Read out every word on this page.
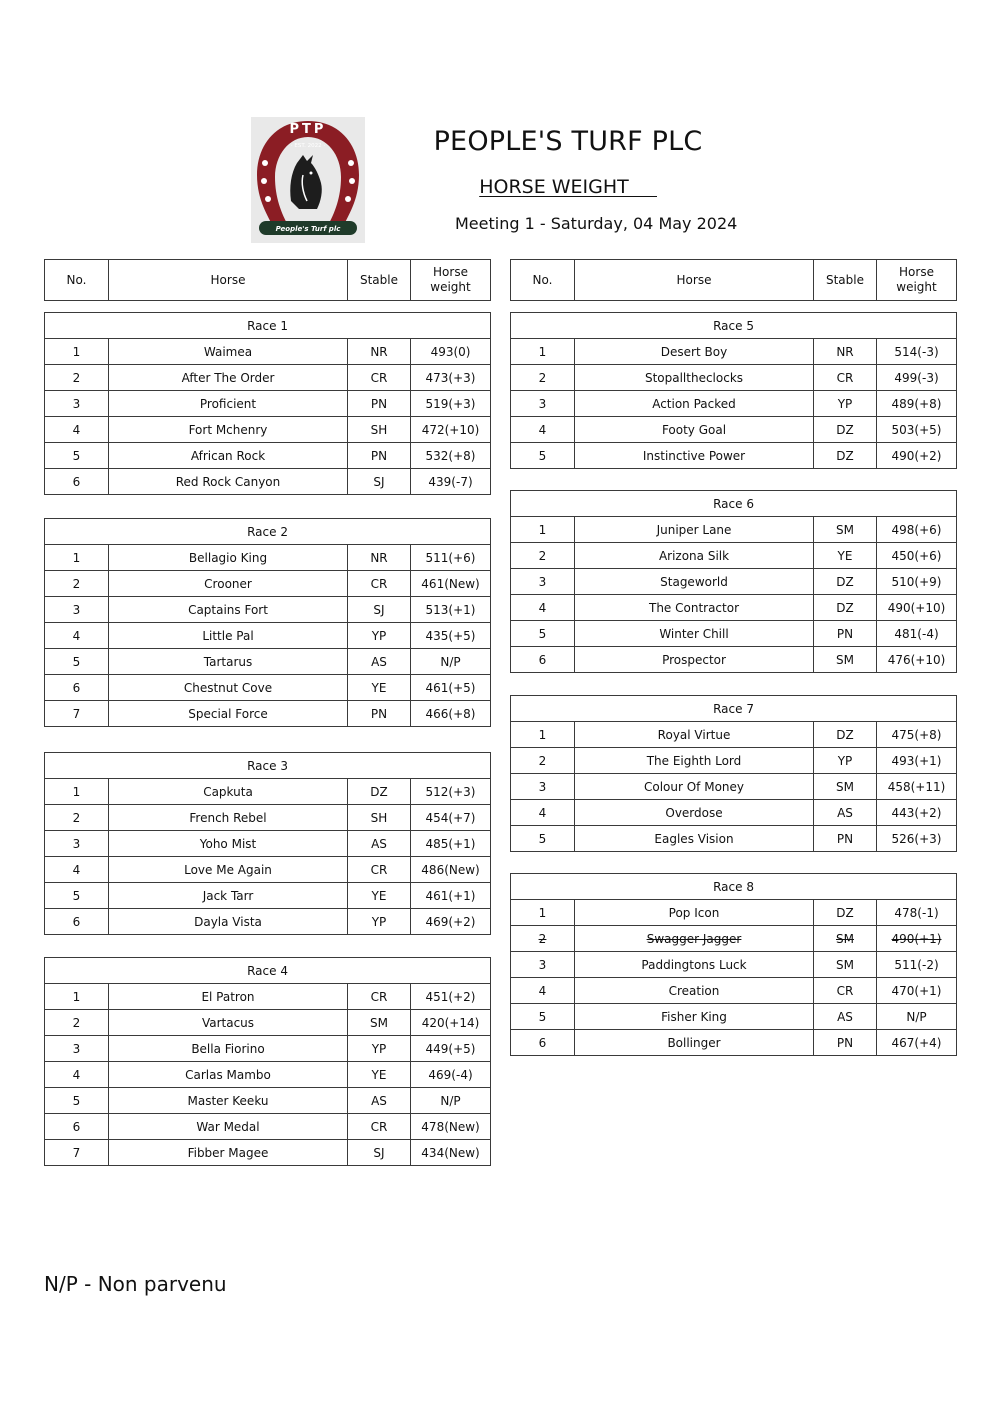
PTP
· EST. 2022 ·
People's Turf plc
PEOPLE'S TURF PLC
HORSE WEIGHT
Meeting 1 - Saturday, 04 May 2024
No.	Horse	Stable	Horse
weight
No.	Horse	Stable	Horse
weight
Race 1			
1	Waimea	NR	493(0)
2	After The Order	CR	473(+3)
3	Proficient	PN	519(+3)
4	Fort Mchenry	SH	472(+10)
5	African Rock	PN	532(+8)
6	Red Rock Canyon	SJ	439(-7)
Race 2			
1	Bellagio King	NR	511(+6)
2	Crooner	CR	461(New)
3	Captains Fort	SJ	513(+1)
4	Little Pal	YP	435(+5)
5	Tartarus	AS	N/P
6	Chestnut Cove	YE	461(+5)
7	Special Force	PN	466(+8)
Race 3			
1	Capkuta	DZ	512(+3)
2	French Rebel	SH	454(+7)
3	Yoho Mist	AS	485(+1)
4	Love Me Again	CR	486(New)
5	Jack Tarr	YE	461(+1)
6	Dayla Vista	YP	469(+2)
Race 4			
1	El Patron	CR	451(+2)
2	Vartacus	SM	420(+14)
3	Bella Fiorino	YP	449(+5)
4	Carlas Mambo	YE	469(-4)
5	Master Keeku	AS	N/P
6	War Medal	CR	478(New)
7	Fibber Magee	SJ	434(New)
Race 5			
1	Desert Boy	NR	514(-3)
2	Stopalltheclocks	CR	499(-3)
3	Action Packed	YP	489(+8)
4	Footy Goal	DZ	503(+5)
5	Instinctive Power	DZ	490(+2)
Race 6			
1	Juniper Lane	SM	498(+6)
2	Arizona Silk	YE	450(+6)
3	Stageworld	DZ	510(+9)
4	The Contractor	DZ	490(+10)
5	Winter Chill	PN	481(-4)
6	Prospector	SM	476(+10)
Race 7			
1	Royal Virtue	DZ	475(+8)
2	The Eighth Lord	YP	493(+1)
3	Colour Of Money	SM	458(+11)
4	Overdose	AS	443(+2)
5	Eagles Vision	PN	526(+3)
Race 8			
1	Pop Icon	DZ	478(-1)
2	Swagger Jagger	SM	490(+1)
3	Paddingtons Luck	SM	511(-2)
4	Creation	CR	470(+1)
5	Fisher King	AS	N/P
6	Bollinger	PN	467(+4)
N/P - Non parvenu
